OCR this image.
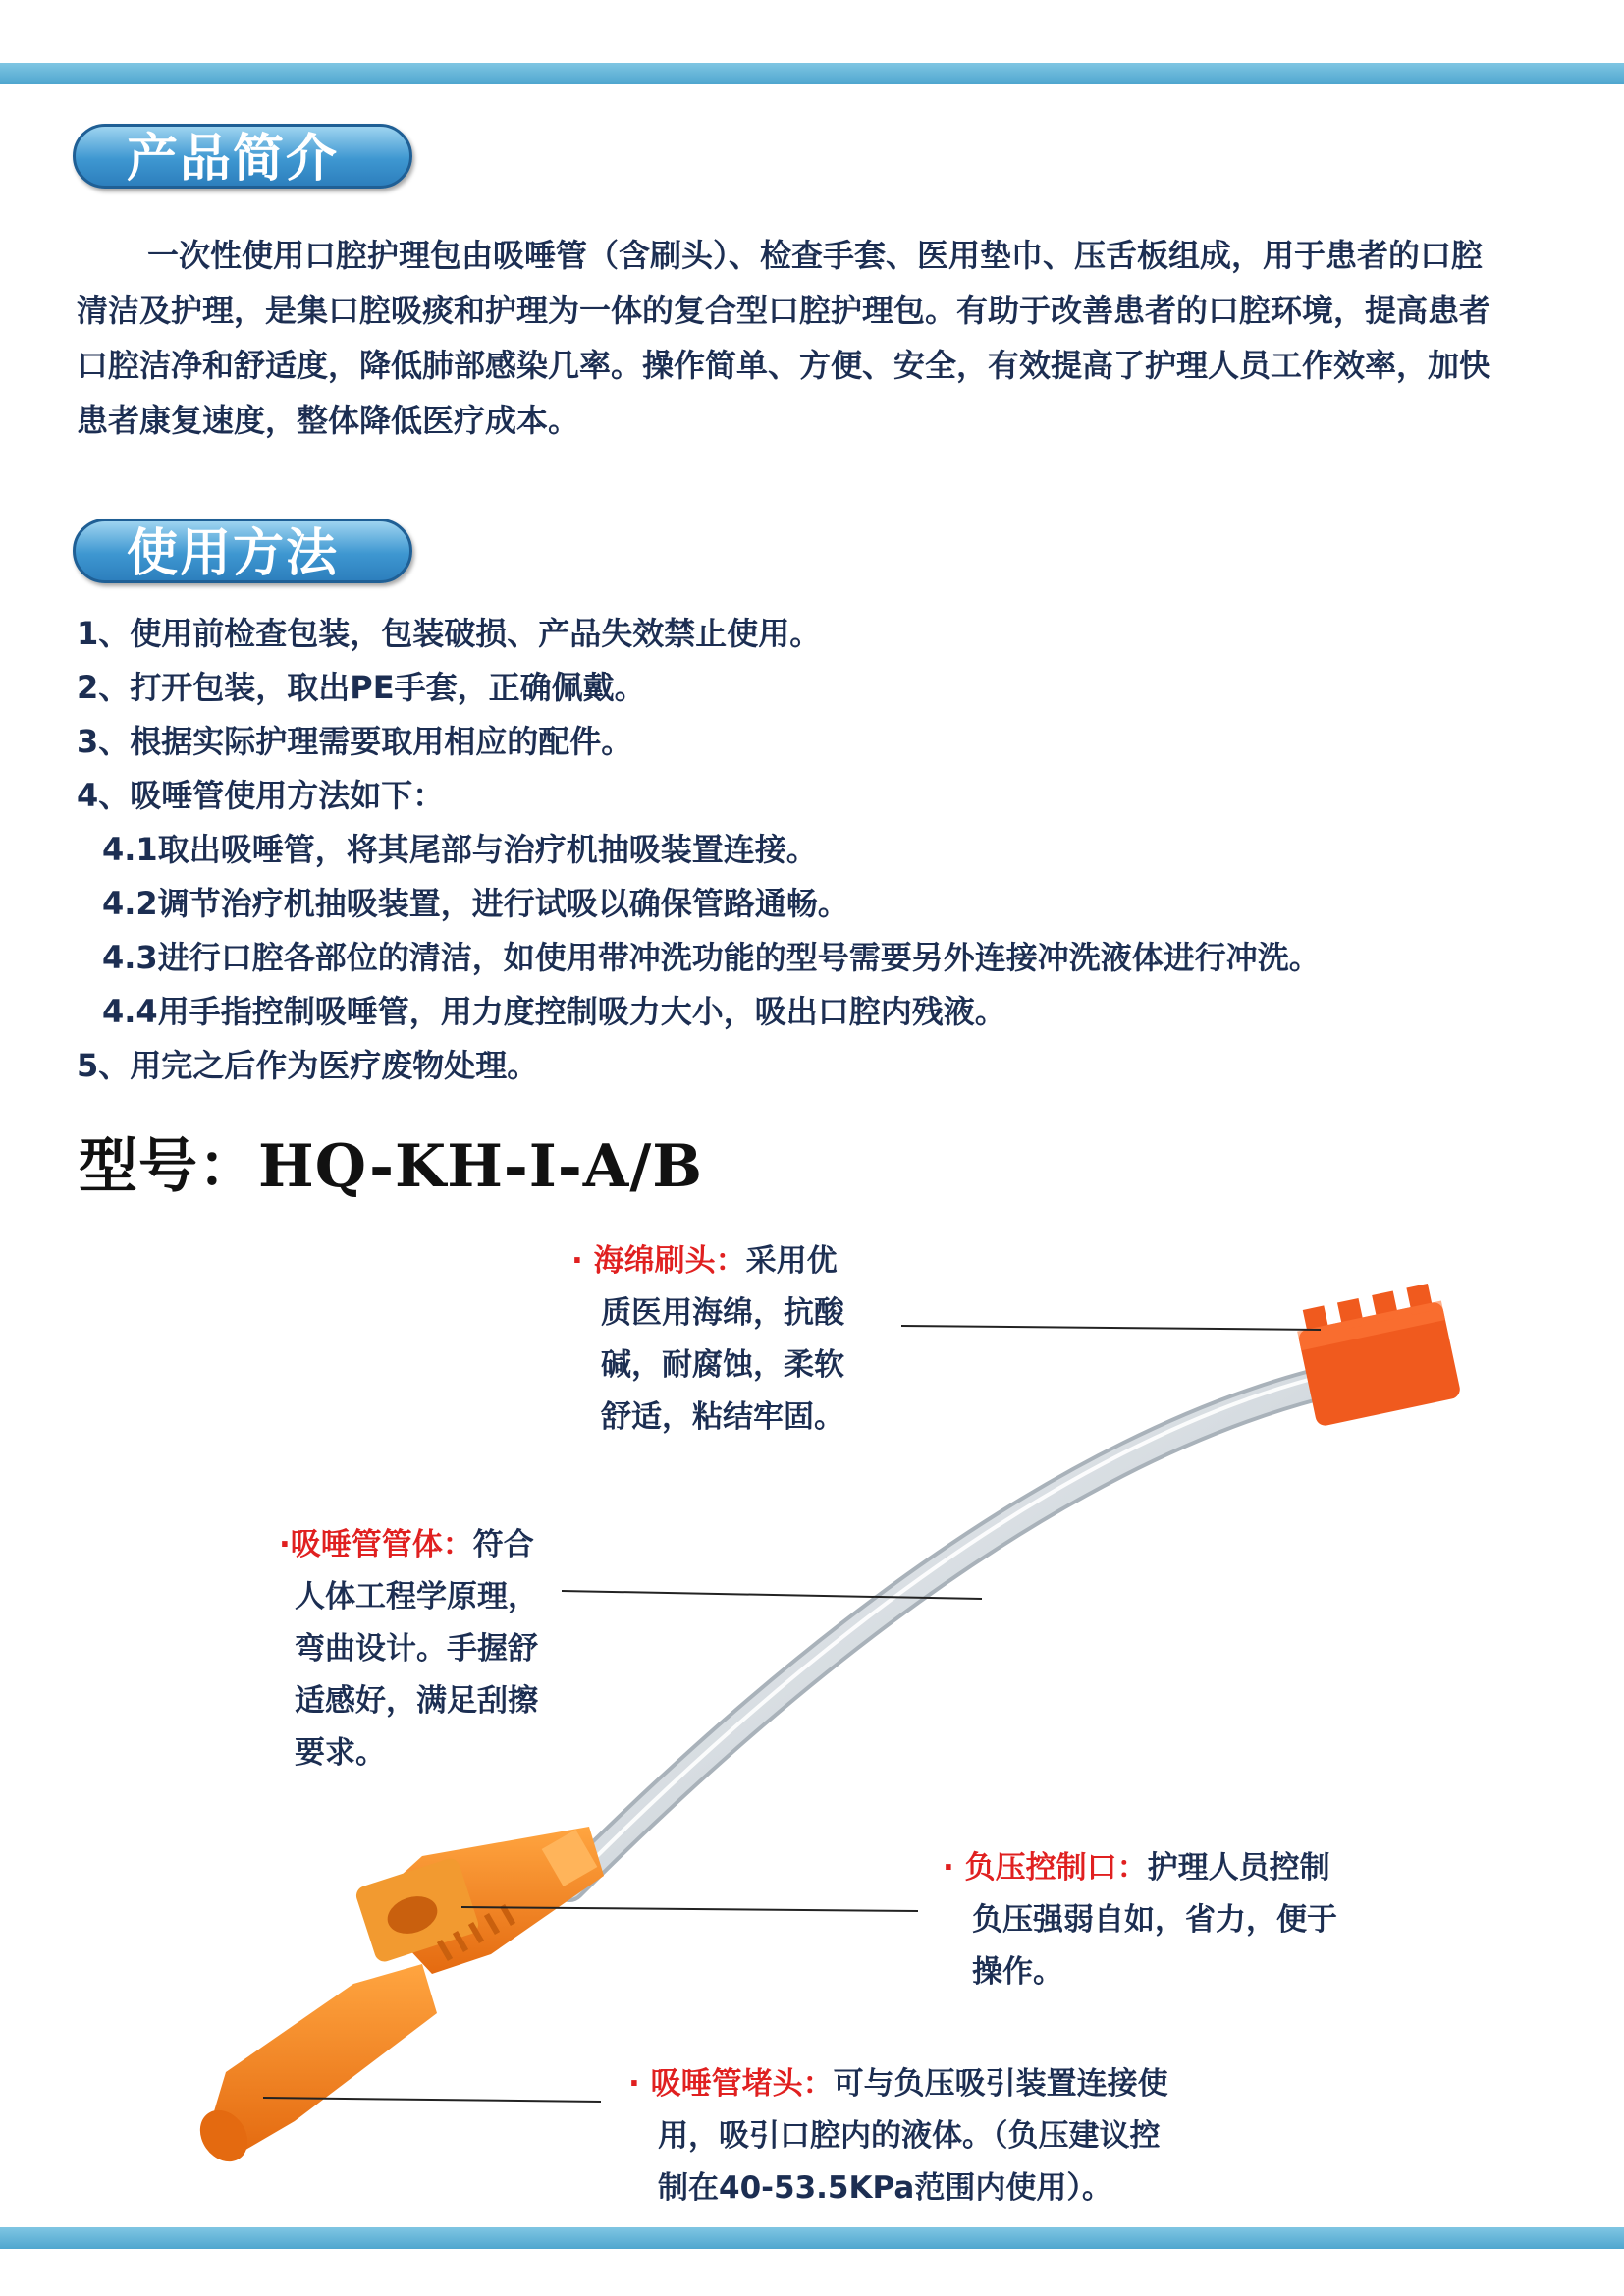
产品简介

一次性使用口腔护理包由吸唾管（含刷头）、检查手套、医用垫巾、压舌板组成，用于患者的口腔清洁及护理，是集口腔吸痰和护理为一体的复合型口腔护理包。有助于改善患者的口腔环境，提高患者口腔洁净和舒适度，降低肺部感染几率。操作简单、方便、安全，有效提高了护理人员工作效率，加快患者康复速度，整体降低医疗成本。

使用方法
1、使用前检查包装，包装破损、产品失效禁止使用。
2、打开包装，取出PE手套，正确佩戴。
3、根据实际护理需要取用相应的配件。
4、吸唾管使用方法如下：
4.1取出吸唾管，将其尾部与治疗机抽吸装置连接。
4.2调节治疗机抽吸装置，进行试吸以确保管路通畅。
4.3进行口腔各部位的清洁，如使用带冲洗功能的型号需要另外连接冲洗液体进行冲洗。
4.4用手指控制吸唾管，用力度控制吸力大小，吸出口腔内残液。
5、用完之后作为医疗废物处理。
型号：HQ-KH-I-A/B
· 海绵刷头：采用优
质医用海绵，抗酸
碱，耐腐蚀，柔软
舒适，粘结牢固。
·吸唾管管体：符合
人体工程学原理，
弯曲设计。手握舒
适感好，满足刮擦
要求。
· 负压控制口：护理人员控制
负压强弱自如，省力，便于
操作。
· 吸唾管堵头：可与负压吸引装置连接使
用，吸引口腔内的液体。（负压建议控
制在40-53.5KPa范围内使用）。
